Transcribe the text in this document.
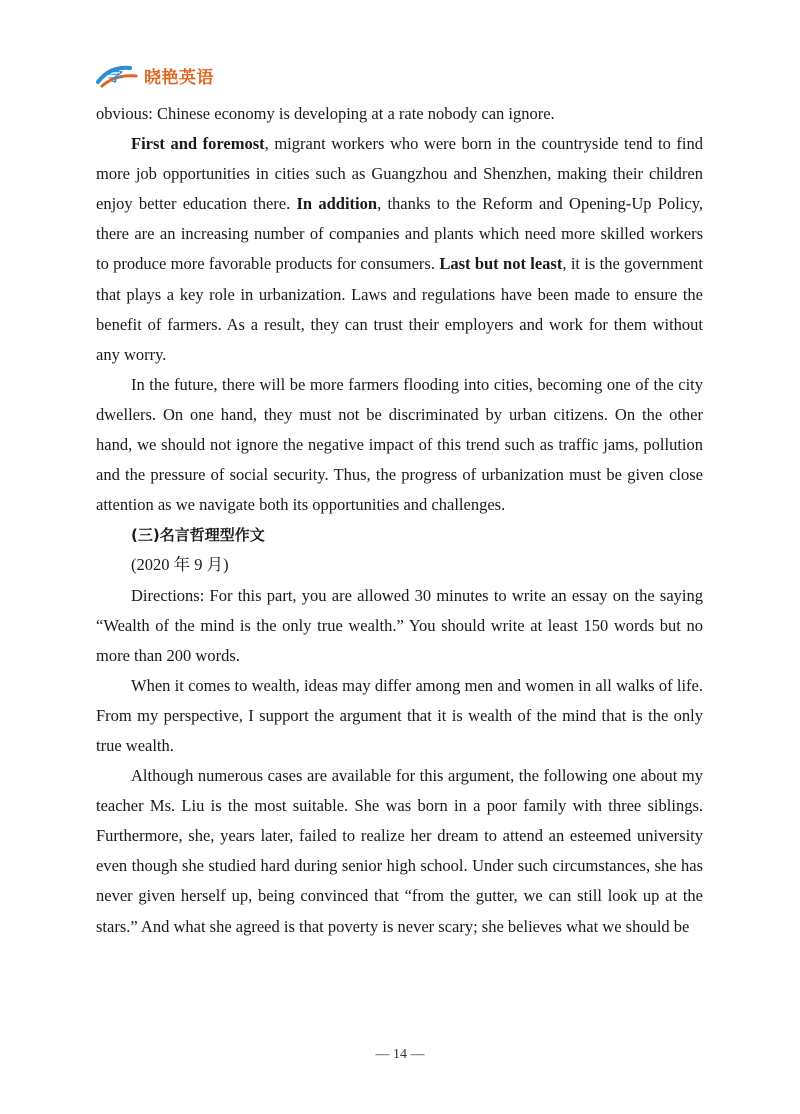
学 晓艳英语

obvious: Chinese economy is developing at a rate nobody can ignore.

First and foremost, migrant workers who were born in the countryside tend to find more job opportunities in cities such as Guangzhou and Shenzhen, making their children enjoy better education there. In addition, thanks to the Reform and Opening-Up Policy, there are an increasing number of companies and plants which need more skilled workers to produce more favorable products for consumers. Last but not least, it is the government that plays a key role in urbanization. Laws and regulations have been made to ensure the benefit of farmers. As a result, they can trust their employers and work for them without any worry.

In the future, there will be more farmers flooding into cities, becoming one of the city dwellers. On one hand, they must not be discriminated by urban citizens. On the other hand, we should not ignore the negative impact of this trend such as traffic jams, pollution and the pressure of social security. Thus, the progress of urbanization must be given close attention as we navigate both its opportunities and challenges.

(三)名言哲理型作文

(2020 年 9 月)

Directions: For this part, you are allowed 30 minutes to write an essay on the saying “Wealth of the mind is the only true wealth.” You should write at least 150 words but no more than 200 words.

When it comes to wealth, ideas may differ among men and women in all walks of life. From my perspective, I support the argument that it is wealth of the mind that is the only true wealth.

Although numerous cases are available for this argument, the following one about my teacher Ms. Liu is the most suitable. She was born in a poor family with three siblings. Furthermore, she, years later, failed to realize her dream to attend an esteemed university even though she studied hard during senior high school. Under such circumstances, she has never given herself up, being convinced that “from the gutter, we can still look up at the stars.” And what she agreed is that poverty is never scary; she believes what we should be

— 14 —
